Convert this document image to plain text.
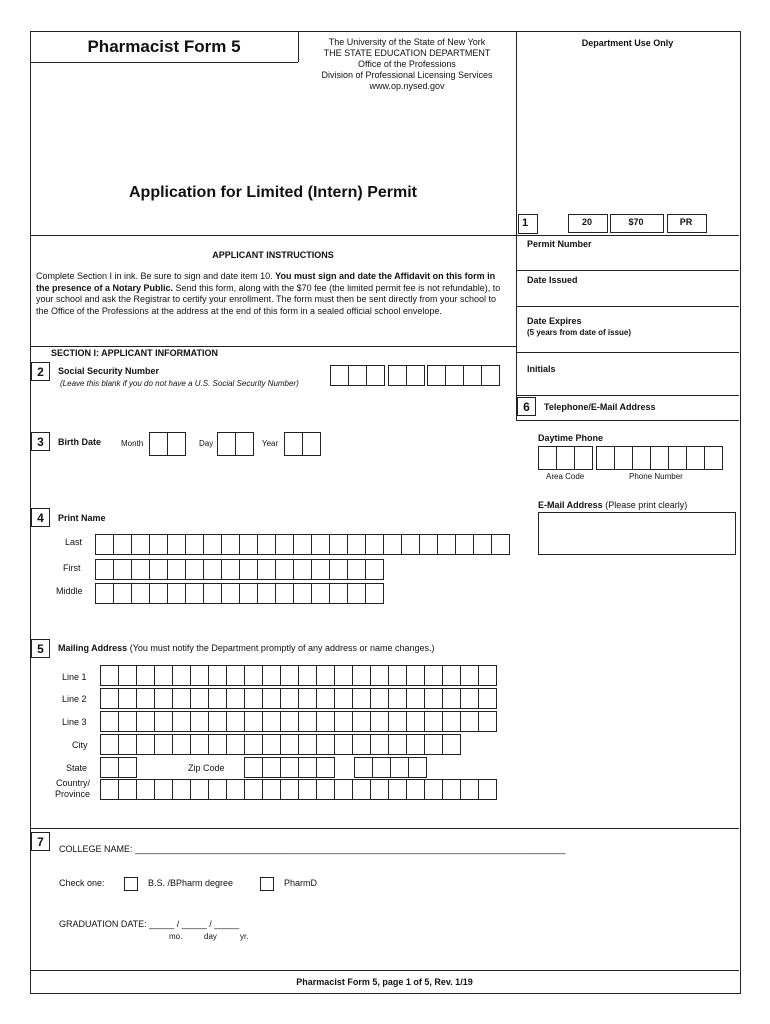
Pharmacist Form 5	The University of the State of New York
THE STATE EDUCATION DEPARTMENT
Office of the Professions
Division of Professional Licensing Services
www.op.nysed.gov
Application for Limited (Intern) Permit
Department Use Only
1	20	$70	PR
Permit Number
Date Issued
Date Expires
(5 years from date of issue)
Initials
APPLICANT INSTRUCTIONS
Complete Section I in ink. Be sure to sign and date item 10. You must sign and date the Affidavit on this form in the presence of a Notary Public. Send this form, along with the $70 fee (the limited permit fee is not refundable), to your school and ask the Registrar to certify your enrollment. The form must then be sent directly from your school to the Office of the Professions at the address at the end of this form in a sealed official school envelope.
SECTION I: APPLICANT INFORMATION
2	Social Security Number
(Leave this blank if you do not have a U.S. Social Security Number)
3	Birth Date Month	Day	Year
4	Print Name
Last
First
Middle
5	Mailing Address (You must notify the Department promptly of any address or name changes.)
Line 1
Line 2
Line 3
City
State	Zip Code
Country/
Province
6	Telephone/E-Mail Address
Daytime Phone
Area Code	Phone Number
E-Mail Address (Please print clearly)
7
COLLEGE NAME: ______________________________________________________________________________________
Check one:	B.S. /BPharm degree	PharmD
GRADUATION DATE: _____ / _____ / _____
mo.	day	yr.
Pharmacist Form 5, page 1 of 5, Rev. 1/19
